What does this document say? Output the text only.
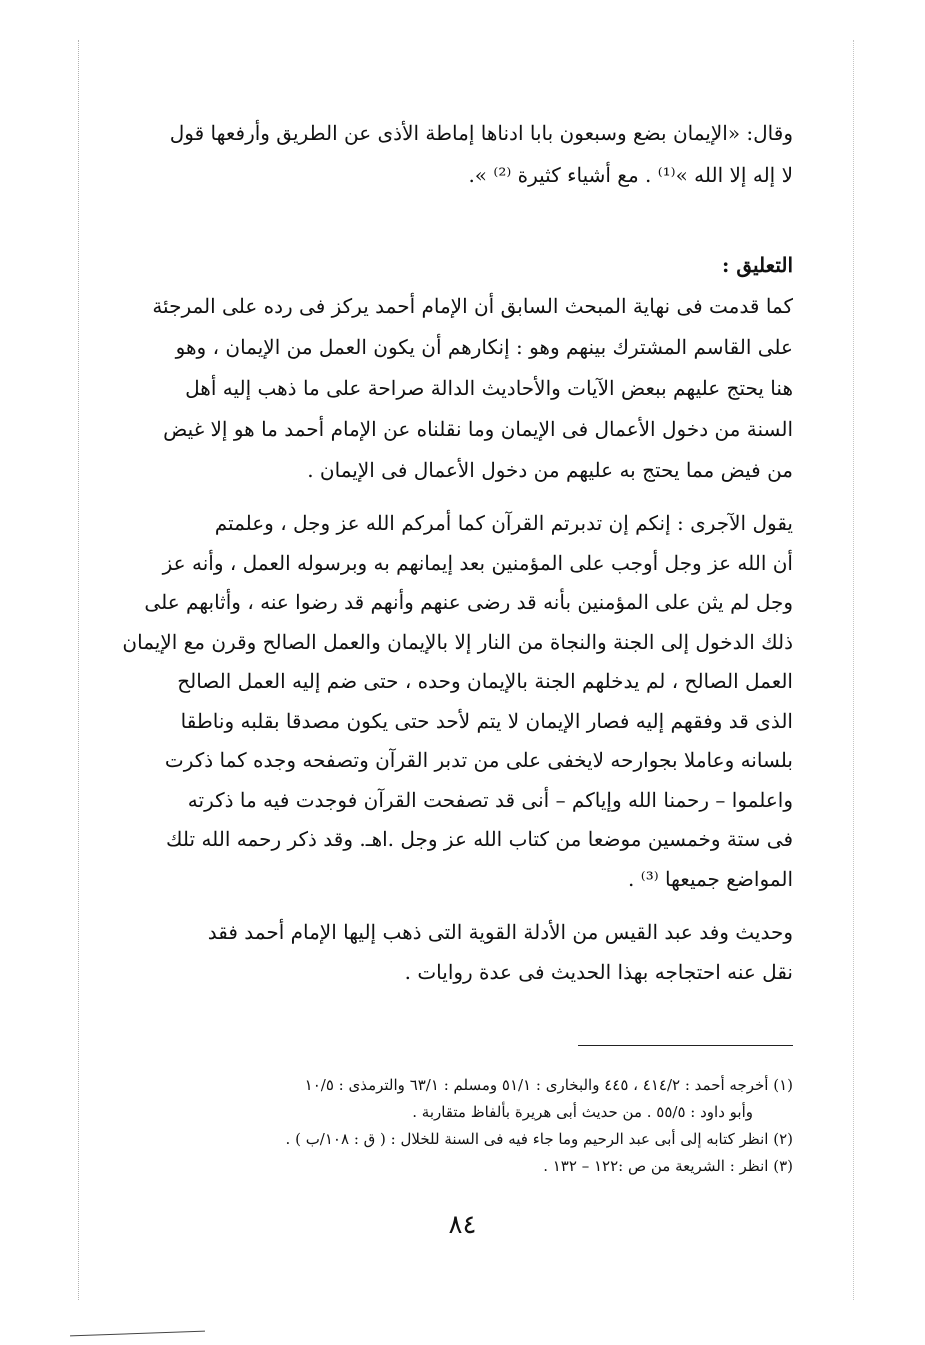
وقال: «الإيمان بضع وسبعون بابا ادناها إماطة الأذى عن الطريق وأرفعها قول
لا إله إلا الله »⁽¹⁾ . مع أشياء كثيرة ⁽²⁾ ».
التعليق :
كما قدمت فى نهاية المبحث السابق أن الإمام أحمد يركز فى رده على المرجئة
على القاسم المشترك بينهم وهو : إنكارهم أن يكون العمل من الإيمان ، وهو
هنا يحتج عليهم ببعض الآيات والأحاديث الدالة صراحة على ما ذهب إليه أهل
السنة من دخول الأعمال فى الإيمان وما نقلناه عن الإمام أحمد ما هو إلا غيض
من فيض مما يحتج به عليهم من دخول الأعمال فى الإيمان .
يقول الآجرى : إنكم إن تدبرتم القرآن كما أمركم الله عز وجل ، وعلمتم
أن الله عز وجل أوجب على المؤمنين بعد إيمانهم به وبرسوله العمل ، وأنه عز
وجل لم يثن على المؤمنين بأنه قد رضى عنهم وأنهم قد رضوا عنه ، وأثابهم على
ذلك الدخول إلى الجنة والنجاة من النار إلا بالإيمان والعمل الصالح وقرن مع الإيمان
العمل الصالح ، لم يدخلهم الجنة بالإيمان وحده ، حتى ضم إليه العمل الصالح
الذى قد وفقهم إليه فصار الإيمان لا يتم لأحد حتى يكون مصدقا بقلبه وناطقا
بلسانه وعاملا بجوارحه لايخفى على من تدبر القرآن وتصفحه وجده كما ذكرت
واعلموا – رحمنا الله وإياكم – أنى قد تصفحت القرآن فوجدت فيه ما ذكرته
فى ستة وخمسين موضعا من كتاب الله عز وجل .اهـ. وقد ذكر رحمه الله تلك
المواضع جميعها ⁽³⁾ .
وحديث وفد عبد القيس من الأدلة القوية التى ذهب إليها الإمام أحمد فقد
نقل عنه احتجاجه بهذا الحديث فى عدة روايات .
(١) أخرجه أحمد : ٤١٤/٢ ، ٤٤٥ والبخارى : ٥١/١ ومسلم : ٦٣/١ والترمذى : ١٠/٥
وأبو داود : ٥٥/٥ . من حديث أبى هريرة بألفاظ متقاربة .
(٢) انظر كتابه إلى أبى عبد الرحيم وما جاء فيه فى السنة للخلال : ( ق : ١٠٨/ب ) .
(٣) انظر : الشريعة من ص :١٢٢ – ١٣٢ .
٨٤
